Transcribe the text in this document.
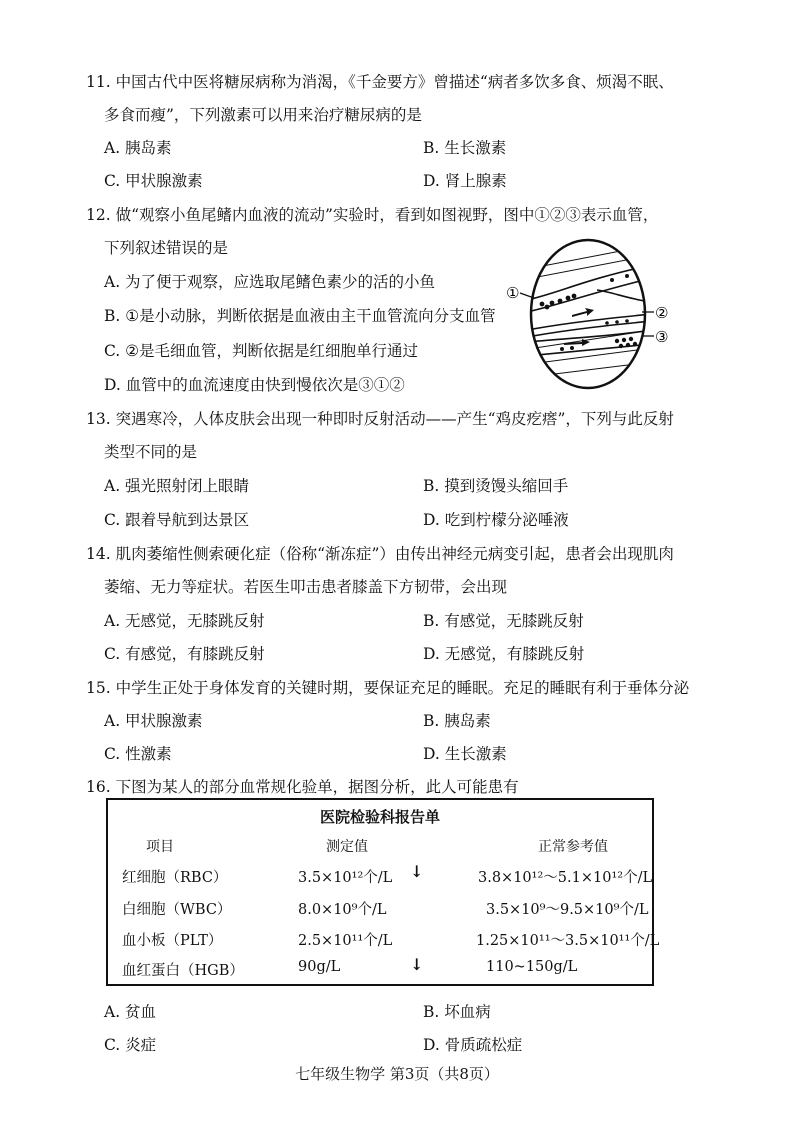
11. 中国古代中医将糖尿病称为消渴，《千金要方》曾描述“病者多饮多食、烦渴不眠、
多食而瘦”，下列激素可以用来治疗糖尿病的是
A. 胰岛素	B. 生长激素
C. 甲状腺激素	D. 肾上腺素
12. 做“观察小鱼尾鳍内血液的流动”实验时，看到如图视野，图中①②③表示血管，
下列叙述错误的是
A. 为了便于观察，应选取尾鳍色素少的活的小鱼
B. ①是小动脉，判断依据是血液由主干血管流向分支血管
C. ②是毛细血管，判断依据是红细胞单行通过
D. 血管中的血流速度由快到慢依次是③①②
①
②
③
13. 突遇寒冷，人体皮肤会出现一种即时反射活动——产生“鸡皮疙瘩”，下列与此反射
类型不同的是
A. 强光照射闭上眼睛	B. 摸到烫馒头缩回手
C. 跟着导航到达景区	D. 吃到柠檬分泌唾液
14. 肌肉萎缩性侧索硬化症（俗称“渐冻症”）由传出神经元病变引起，患者会出现肌肉
萎缩、无力等症状。若医生叩击患者膝盖下方韧带，会出现
A. 无感觉，无膝跳反射	B. 有感觉，无膝跳反射
C. 有感觉，有膝跳反射	D. 无感觉，有膝跳反射
15. 中学生正处于身体发育的关键时期，要保证充足的睡眠。充足的睡眠有利于垂体分泌
A. 甲状腺激素	B. 胰岛素
C. 性激素	D. 生长激素
16. 下图为某人的部分血常规化验单，据图分析，此人可能患有
医院检验科报告单
项目	测定值	正常参考值
红细胞（RBC）	3.5×10¹²个/L ↓	3.8×10¹²～5.1×10¹²个/L
白细胞（WBC）	8.0×10⁹个/L	3.5×10⁹～9.5×10⁹个/L
血小板（PLT）	2.5×10¹¹个/L	1.25×10¹¹～3.5×10¹¹个/L
血红蛋白（HGB）	90g/L	↓	110~150g/L
A. 贫血	B. 坏血病
C. 炎症	D. 骨质疏松症
七年级生物学 第3页（共8页）
